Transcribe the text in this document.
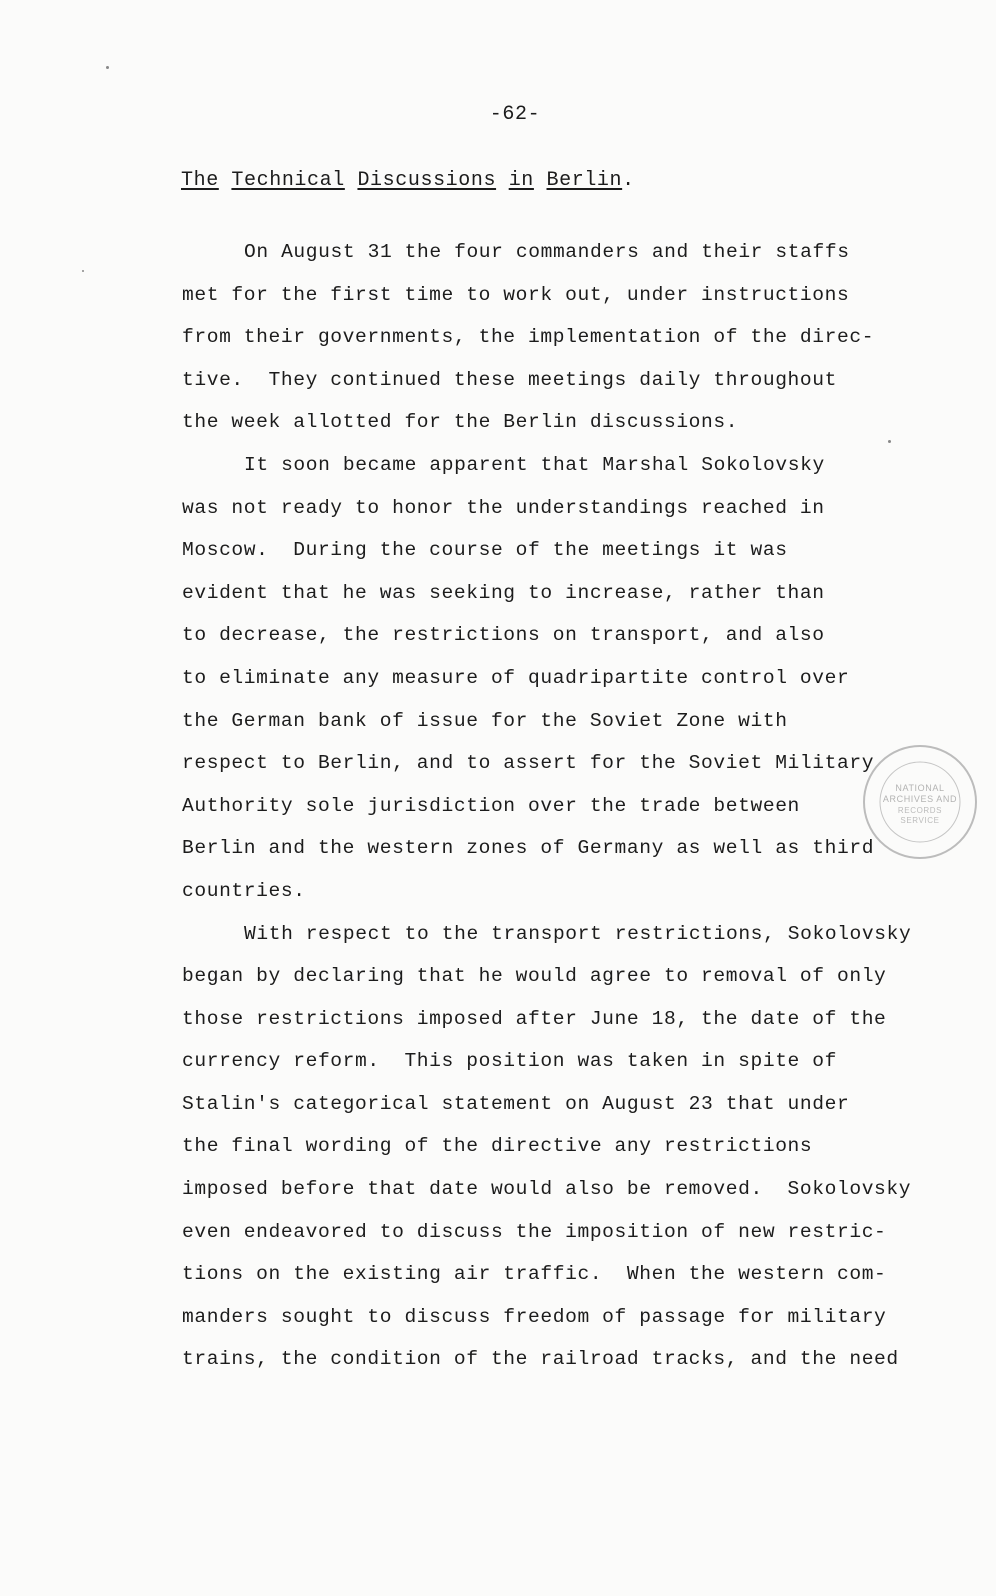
-62-
The Technical Discussions in Berlin.
On August 31 the four commanders and their staffs
met for the first time to work out, under instructions
from their governments, the implementation of the direc-
tive.  They continued these meetings daily throughout
the week allotted for the Berlin discussions.
It soon became apparent that Marshal Sokolovsky
was not ready to honor the understandings reached in
Moscow.  During the course of the meetings it was
evident that he was seeking to increase, rather than
to decrease, the restrictions on transport, and also
to eliminate any measure of quadripartite control over
the German bank of issue for the Soviet Zone with
respect to Berlin, and to assert for the Soviet Military
Authority sole jurisdiction over the trade between
Berlin and the western zones of Germany as well as third
countries.
With respect to the transport restrictions, Sokolovsky
began by declaring that he would agree to removal of only
those restrictions imposed after June 18, the date of the
currency reform.  This position was taken in spite of
Stalin's categorical statement on August 23 that under
the final wording of the directive any restrictions
imposed before that date would also be removed.  Sokolovsky
even endeavored to discuss the imposition of new restric-
tions on the existing air traffic.  When the western com-
manders sought to discuss freedom of passage for military
trains, the condition of the railroad tracks, and the need
NATIONAL
ARCHIVES AND
RECORDS
SERVICE
